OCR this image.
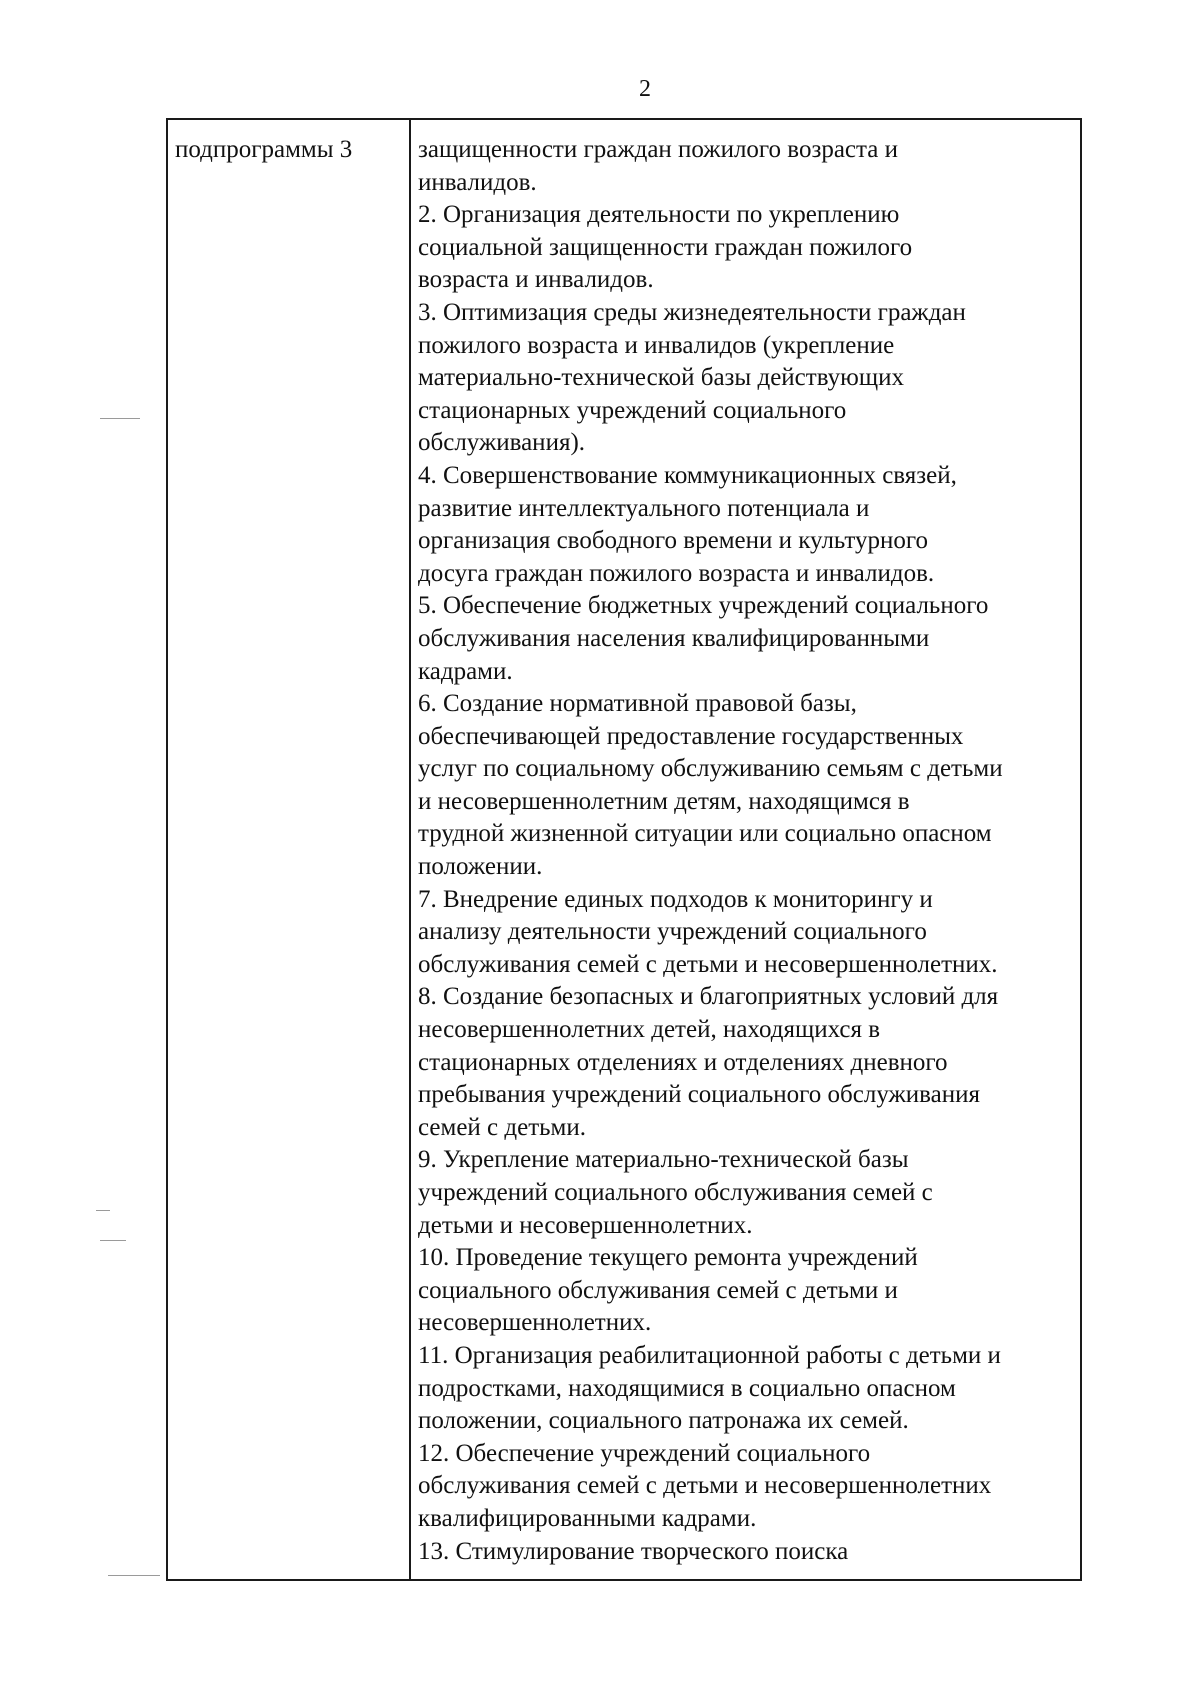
2
подпрограммы 3	защищенности граждан пожилого возраста и
инвалидов.
2. Организация деятельности по укреплению
социальной защищенности граждан пожилого
возраста и инвалидов.
3. Оптимизация среды жизнедеятельности граждан
пожилого возраста и инвалидов (укрепление
материально-технической базы действующих
стационарных учреждений социального
обслуживания).
4. Совершенствование коммуникационных связей,
развитие интеллектуального потенциала и
организация свободного времени и культурного
досуга граждан пожилого возраста и инвалидов.
5. Обеспечение бюджетных учреждений социального
обслуживания населения квалифицированными
кадрами.
6. Создание нормативной правовой базы,
обеспечивающей предоставление государственных
услуг по социальному обслуживанию семьям с детьми
и несовершеннолетним детям, находящимся в
трудной жизненной ситуации или социально опасном
положении.
7. Внедрение единых подходов к мониторингу и
анализу деятельности учреждений социального
обслуживания семей с детьми и несовершеннолетних.
8. Создание безопасных и благоприятных условий для
несовершеннолетних детей, находящихся в
стационарных отделениях и отделениях дневного
пребывания учреждений социального обслуживания
семей с детьми.
9. Укрепление материально-технической базы
учреждений социального обслуживания семей с
детьми и несовершеннолетних.
10. Проведение текущего ремонта учреждений
социального обслуживания семей с детьми и
несовершеннолетних.
11. Организация реабилитационной работы с детьми и
подростками, находящимися в социально опасном
положении, социального патронажа их семей.
12. Обеспечение учреждений социального
обслуживания семей с детьми и несовершеннолетних
квалифицированными кадрами.
13. Стимулирование творческого поиска
